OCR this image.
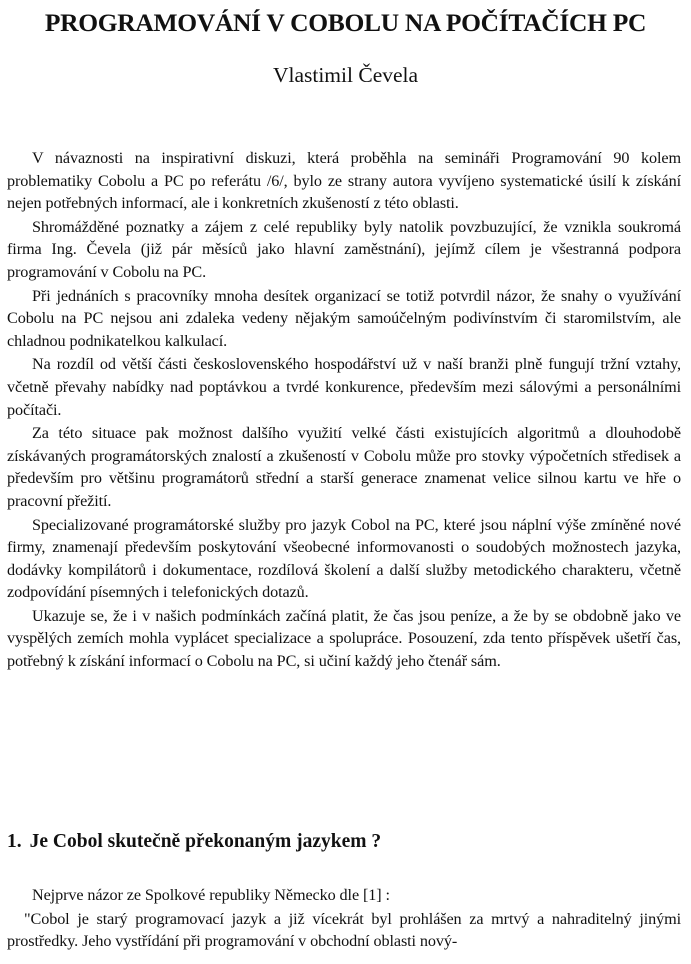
PROGRAMOVÁNÍ V COBOLU NA POČÍTAČÍCH PC
Vlastimil Čevela

V návaznosti na inspirativní diskuzi, která proběhla na semináři Programování 90 kolem problematiky Cobolu a PC po referátu /6/, bylo ze strany autora vyvíjeno systematické úsilí k získání nejen potřebných informací, ale i konkretních zkušeností z této oblasti.

Shromážděné poznatky a zájem z celé republiky byly natolik povzbuzující, že vznikla soukromá firma Ing. Čevela (již pár měsíců jako hlavní zaměstnání), jejímž cílem je všestranná podpora programování v Cobolu na PC.

Při jednáních s pracovníky mnoha desítek organizací se totiž potvrdil názor, že snahy o využívání Cobolu na PC nejsou ani zdaleka vedeny nějakým samoúčelným podivínstvím či staromilstvím, ale chladnou podnikatelkou kalkulací.

Na rozdíl od větší části československého hospodářství už v naší branži plně fungují tržní vztahy, včetně převahy nabídky nad poptávkou a tvrdé konkurence, především mezi sálovými a personálními počítači.

Za této situace pak možnost dalšího využití velké části existujících algoritmů a dlouhodobě získávaných programátorských znalostí a zkušeností v Cobolu může pro stovky výpočetních středisek a především pro většinu programátorů střední a starší generace znamenat velice silnou kartu ve hře o pracovní přežití.

Specializované programátorské služby pro jazyk Cobol na PC, které jsou náplní výše zmíněné nové firmy, znamenají především poskytování všeobecné informovanosti o soudobých možnostech jazyka, dodávky kompilátorů i dokumentace, rozdílová školení a další služby metodického charakteru, včetně zodpovídání písemných i telefonických dotazů.

Ukazuje se, že i v našich podmínkách začíná platit, že čas jsou peníze, a že by se obdobně jako ve vyspělých zemích mohla vyplácet specializace a spolupráce. Posouzení, zda tento příspěvek ušetří čas, potřebný k získání informací o Cobolu na PC, si učiní každý jeho čtenář sám.

1. Je Cobol skutečně překonaným jazykem ?

Nejprve názor ze Spolkové republiky Německo dle [1] :

"Cobol je starý programovací jazyk a již vícekrát byl prohlášen za mrtvý a nahraditelný jinými prostředky. Jeho vystřídání při programování v obchodní oblasti nový-
